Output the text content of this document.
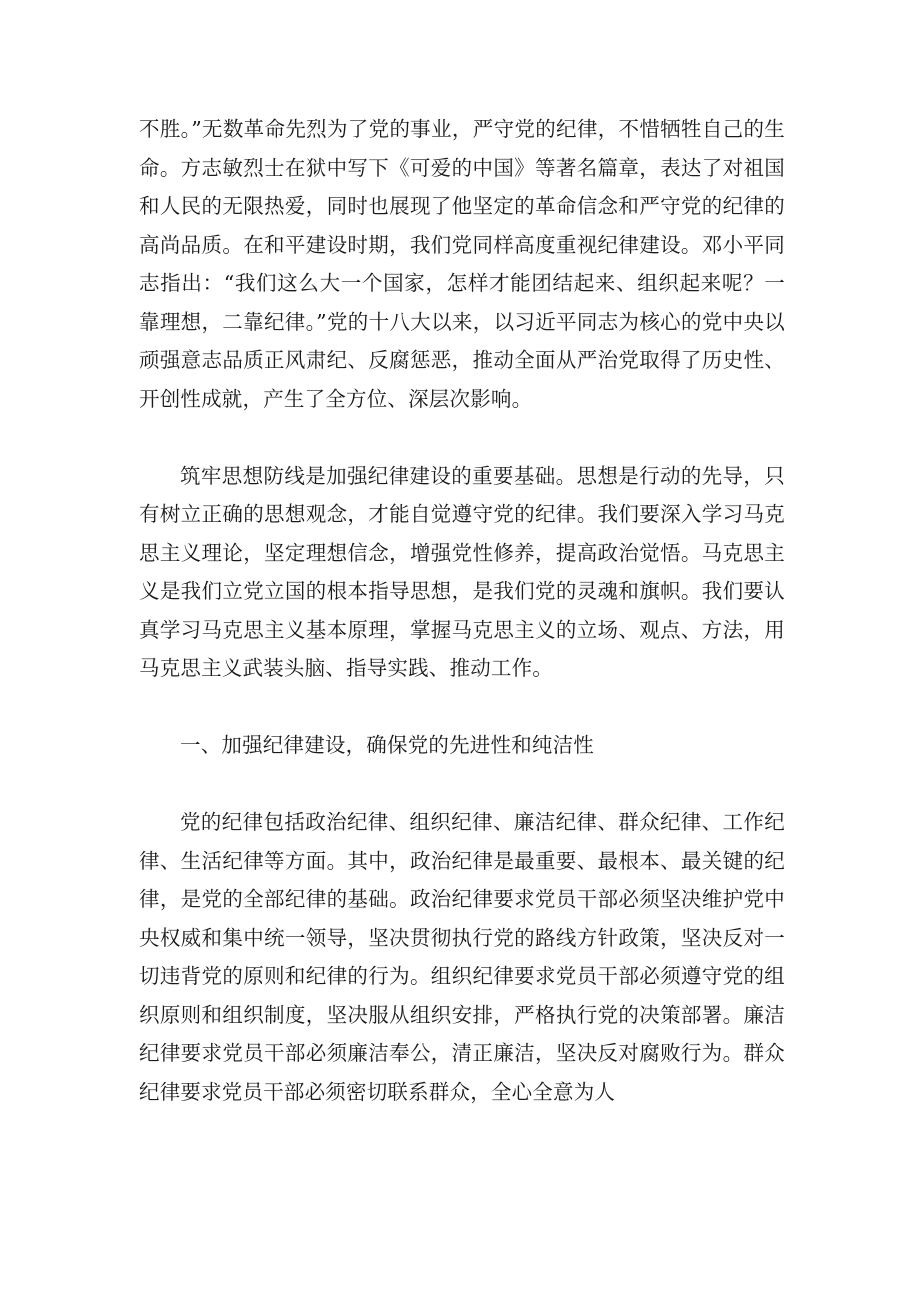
不胜。”无数革命先烈为了党的事业，严守党的纪律，不惜牺牲自己的生命。方志敏烈士在狱中写下《可爱的中国》等著名篇章，表达了对祖国和人民的无限热爱，同时也展现了他坚定的革命信念和严守党的纪律的高尚品质。在和平建设时期，我们党同样高度重视纪律建设。邓小平同志指出：“我们这么大一个国家，怎样才能团结起来、组织起来呢？一靠理想，二靠纪律。”党的十八大以来，以习近平同志为核心的党中央以顽强意志品质正风肃纪、反腐惩恶，推动全面从严治党取得了历史性、开创性成就，产生了全方位、深层次影响。

筑牢思想防线是加强纪律建设的重要基础。思想是行动的先导，只有树立正确的思想观念，才能自觉遵守党的纪律。我们要深入学习马克思主义理论，坚定理想信念，增强党性修养，提高政治觉悟。马克思主义是我们立党立国的根本指导思想，是我们党的灵魂和旗帜。我们要认真学习马克思主义基本原理，掌握马克思主义的立场、观点、方法，用马克思主义武装头脑、指导实践、推动工作。

一、加强纪律建设，确保党的先进性和纯洁性

党的纪律包括政治纪律、组织纪律、廉洁纪律、群众纪律、工作纪律、生活纪律等方面。其中，政治纪律是最重要、最根本、最关键的纪律，是党的全部纪律的基础。政治纪律要求党员干部必须坚决维护党中央权威和集中统一领导，坚决贯彻执行党的路线方针政策，坚决反对一切违背党的原则和纪律的行为。组织纪律要求党员干部必须遵守党的组织原则和组织制度，坚决服从组织安排，严格执行党的决策部署。廉洁纪律要求党员干部必须廉洁奉公，清正廉洁，坚决反对腐败行为。群众纪律要求党员干部必须密切联系群众，全心全意为人
